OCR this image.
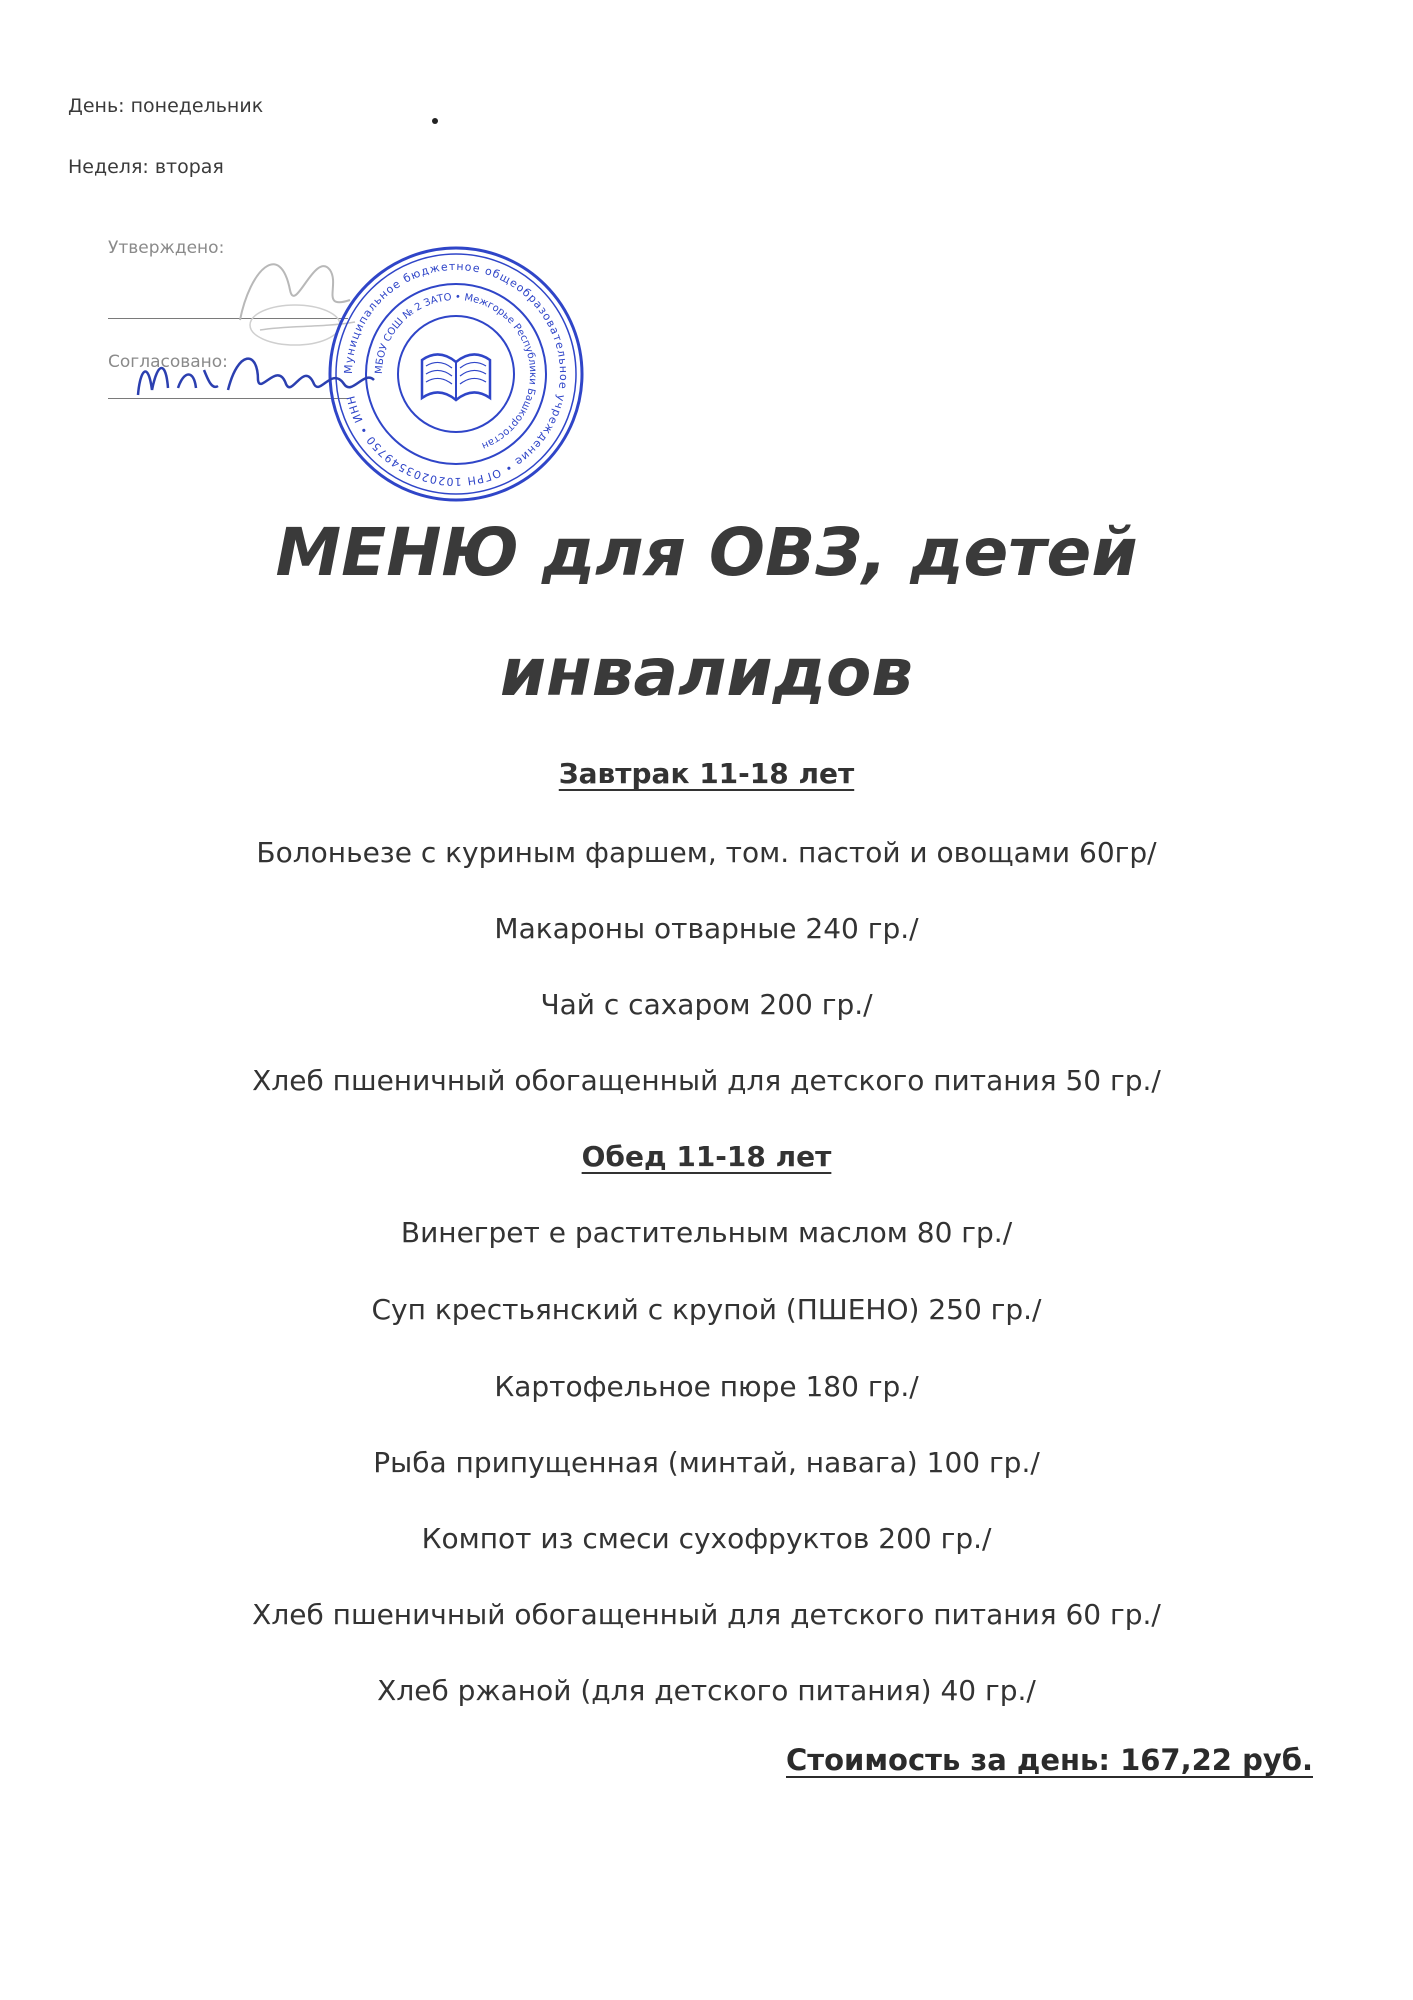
День: понедельник
Неделя: вторая
Утверждено:
Согласовано:	Муниципальное бюджетное общеобразовательное учреждение • ОГРН 1020203549750 • ИНН
МБОУ СОШ № 2 ЗАТО • Межгорье Республики Башкортостан
МЕНЮ для ОВЗ, детей
инвалидов
Завтрак 11-18 лет
Болоньезе с куриным фаршем, том. пастой и овощами 60гр/
Макароны отварные 240 гр./
Чай с сахаром 200 гр./
Хлеб пшеничный обогащенный для детского питания 50 гр./
Обед 11-18 лет
Винегрет е растительным маслом 80 гр./
Суп крестьянский с крупой (ПШЕНО) 250 гр./
Картофельное пюре 180 гр./
Рыба припущенная (минтай, навага) 100 гр./
Компот из смеси сухофруктов 200 гр./
Хлеб пшеничный обогащенный для детского питания 60 гр./
Хлеб ржаной (для детского питания) 40 гр./
Стоимость за день: 167,22 руб.
